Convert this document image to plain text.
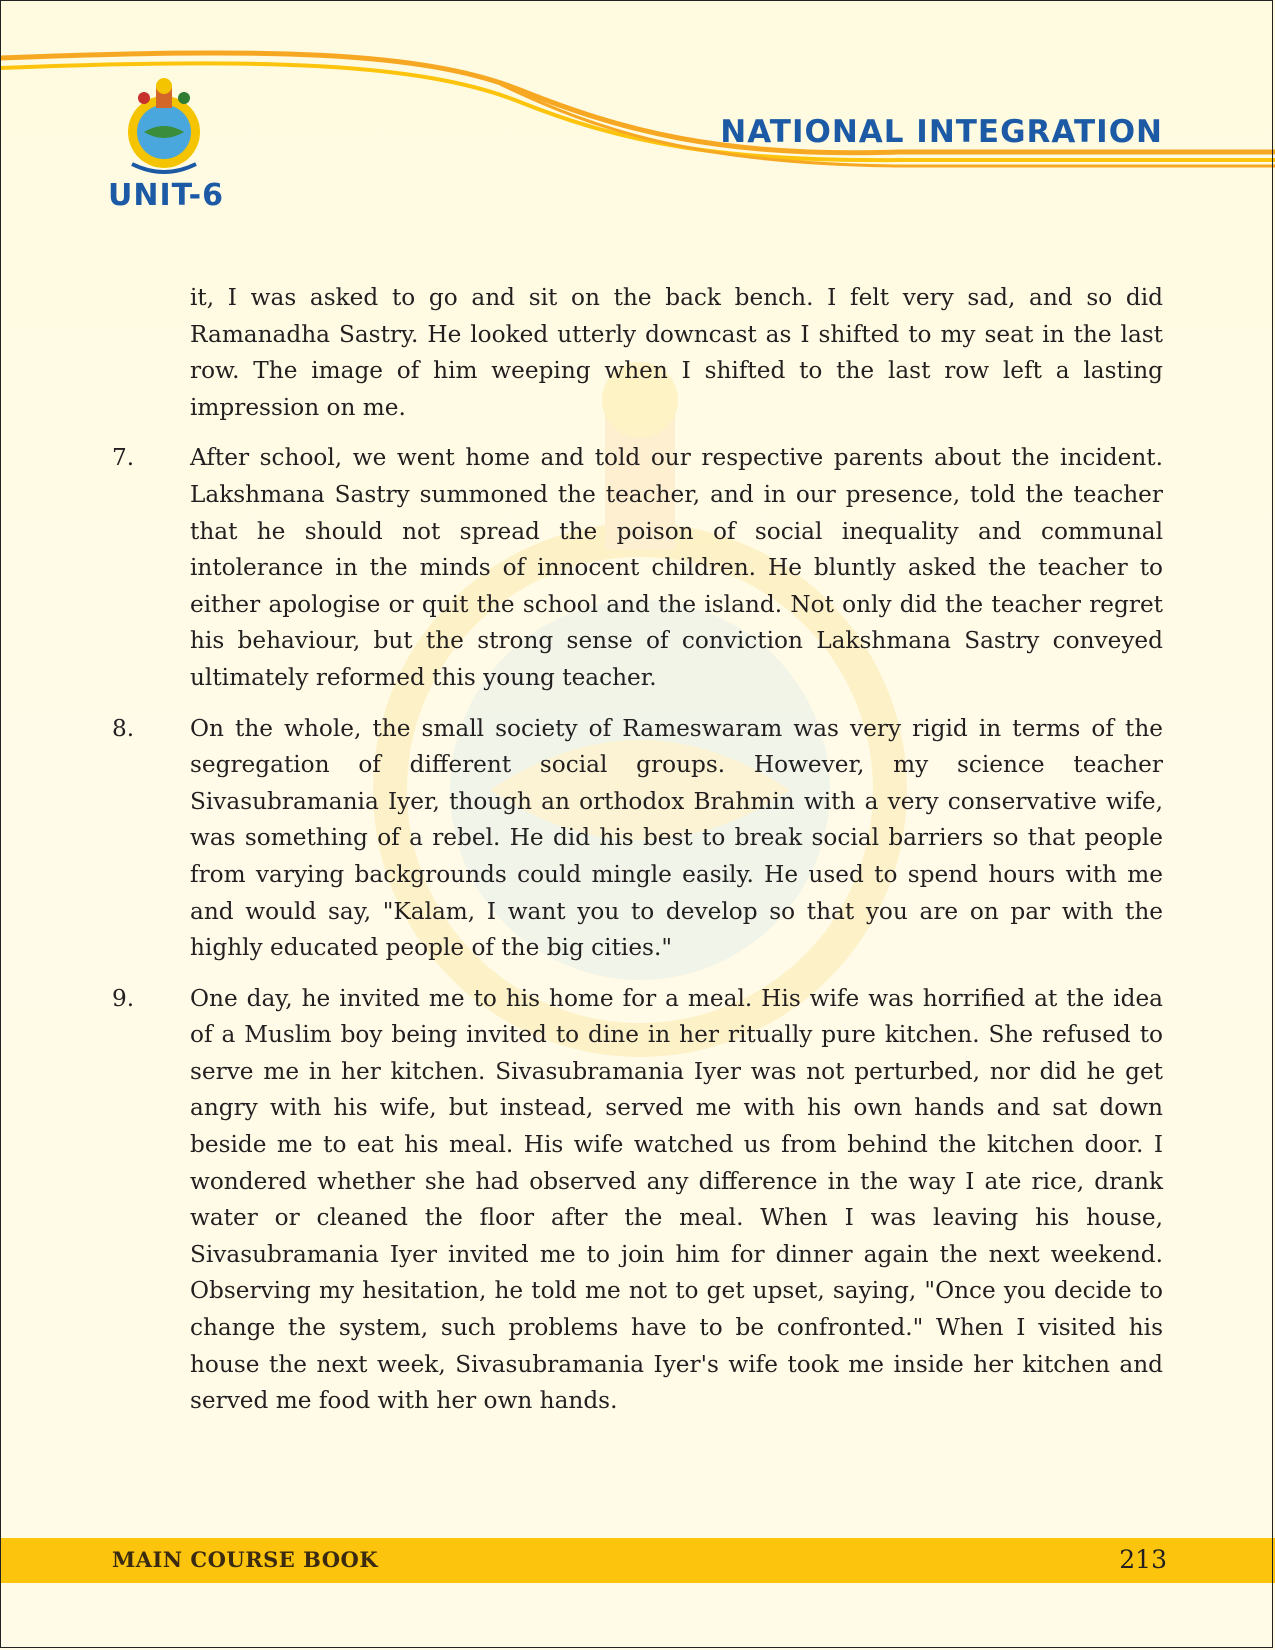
UNIT-6
NATIONAL INTEGRATION

it, I was asked to go and sit on the back bench. I felt very sad, and so did Ramanadha Sastry. He looked utterly downcast as I shifted to my seat in the last row. The image of him weeping when I shifted to the last row left a lasting impression on me.

7.	After school, we went home and told our respective parents about the incident. Lakshmana Sastry summoned the teacher, and in our presence, told the teacher that he should not spread the poison of social inequality and communal intolerance in the minds of innocent children. He bluntly asked the teacher to either apologise or quit the school and the island. Not only did the teacher regret his behaviour, but the strong sense of conviction Lakshmana Sastry conveyed ultimately reformed this young teacher.

8.	On the whole, the small society of Rameswaram was very rigid in terms of the segregation of different social groups. However, my science teacher Sivasubramania Iyer, though an orthodox Brahmin with a very conservative wife, was something of a rebel. He did his best to break social barriers so that people from varying backgrounds could mingle easily. He used to spend hours with me and would say, "Kalam, I want you to develop so that you are on par with the highly educated people of the big cities."

9.	One day, he invited me to his home for a meal. His wife was horrified at the idea of a Muslim boy being invited to dine in her ritually pure kitchen. She refused to serve me in her kitchen. Sivasubramania Iyer was not perturbed, nor did he get angry with his wife, but instead, served me with his own hands and sat down beside me to eat his meal. His wife watched us from behind the kitchen door. I wondered whether she had observed any difference in the way I ate rice, drank water or cleaned the floor after the meal. When I was leaving his house, Sivasubramania Iyer invited me to join him for dinner again the next weekend. Observing my hesitation, he told me not to get upset, saying, "Once you decide to change the system, such problems have to be confronted." When I visited his house the next week, Sivasubramania Iyer's wife took me inside her kitchen and served me food with her own hands.

MAIN COURSE BOOK	213
